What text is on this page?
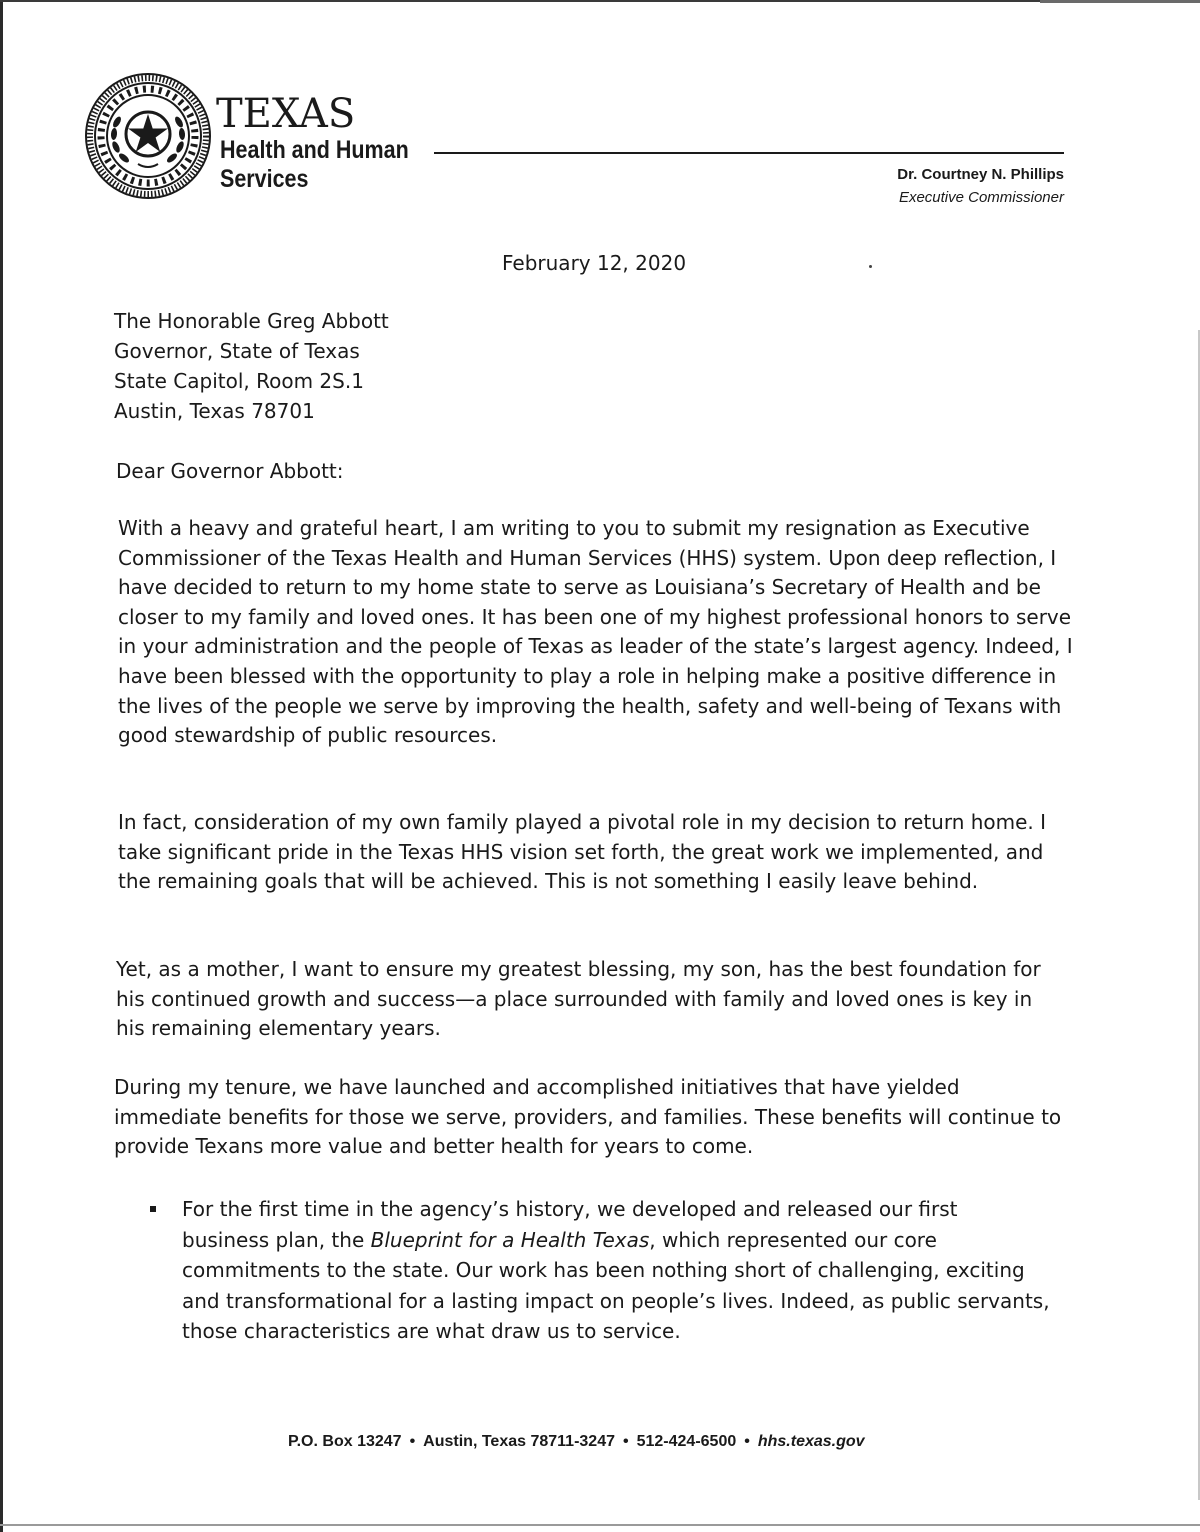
TEXAS
Health and Human
Services	Dr. Courtney N. Phillips
Executive Commissioner
February 12, 2020
The Honorable Greg Abbott
Governor, State of Texas
State Capitol, Room 2S.1
Austin, Texas 78701
Dear Governor Abbott:

With a heavy and grateful heart, I am writing to you to submit my resignation as Executive Commissioner of the Texas Health and Human Services (HHS) system. Upon deep reflection, I have decided to return to my home state to serve as Louisiana’s Secretary of Health and be closer to my family and loved ones. It has been one of my highest professional honors to serve in your administration and the people of Texas as leader of the state’s largest agency. Indeed, I have been blessed with the opportunity to play a role in helping make a positive difference in the lives of the people we serve by improving the health, safety and well-being of Texans with good stewardship of public resources.

In fact, consideration of my own family played a pivotal role in my decision to return home. I take significant pride in the Texas HHS vision set forth, the great work we implemented, and the remaining goals that will be achieved. This is not something I easily leave behind.

Yet, as a mother, I want to ensure my greatest blessing, my son, has the best foundation for his continued growth and success—a place surrounded with family and loved ones is key in his remaining elementary years.

During my tenure, we have launched and accomplished initiatives that have yielded immediate benefits for those we serve, providers, and families. These benefits will continue to provide Texans more value and better health for years to come.

For the first time in the agency’s history, we developed and released our first business plan, the Blueprint for a Health Texas, which represented our core commitments to the state. Our work has been nothing short of challenging, exciting and transformational for a lasting impact on people’s lives. Indeed, as public servants, those characteristics are what draw us to service.
P.O. Box 13247 • Austin, Texas 78711-3247 • 512-424-6500 • hhs.texas.gov
